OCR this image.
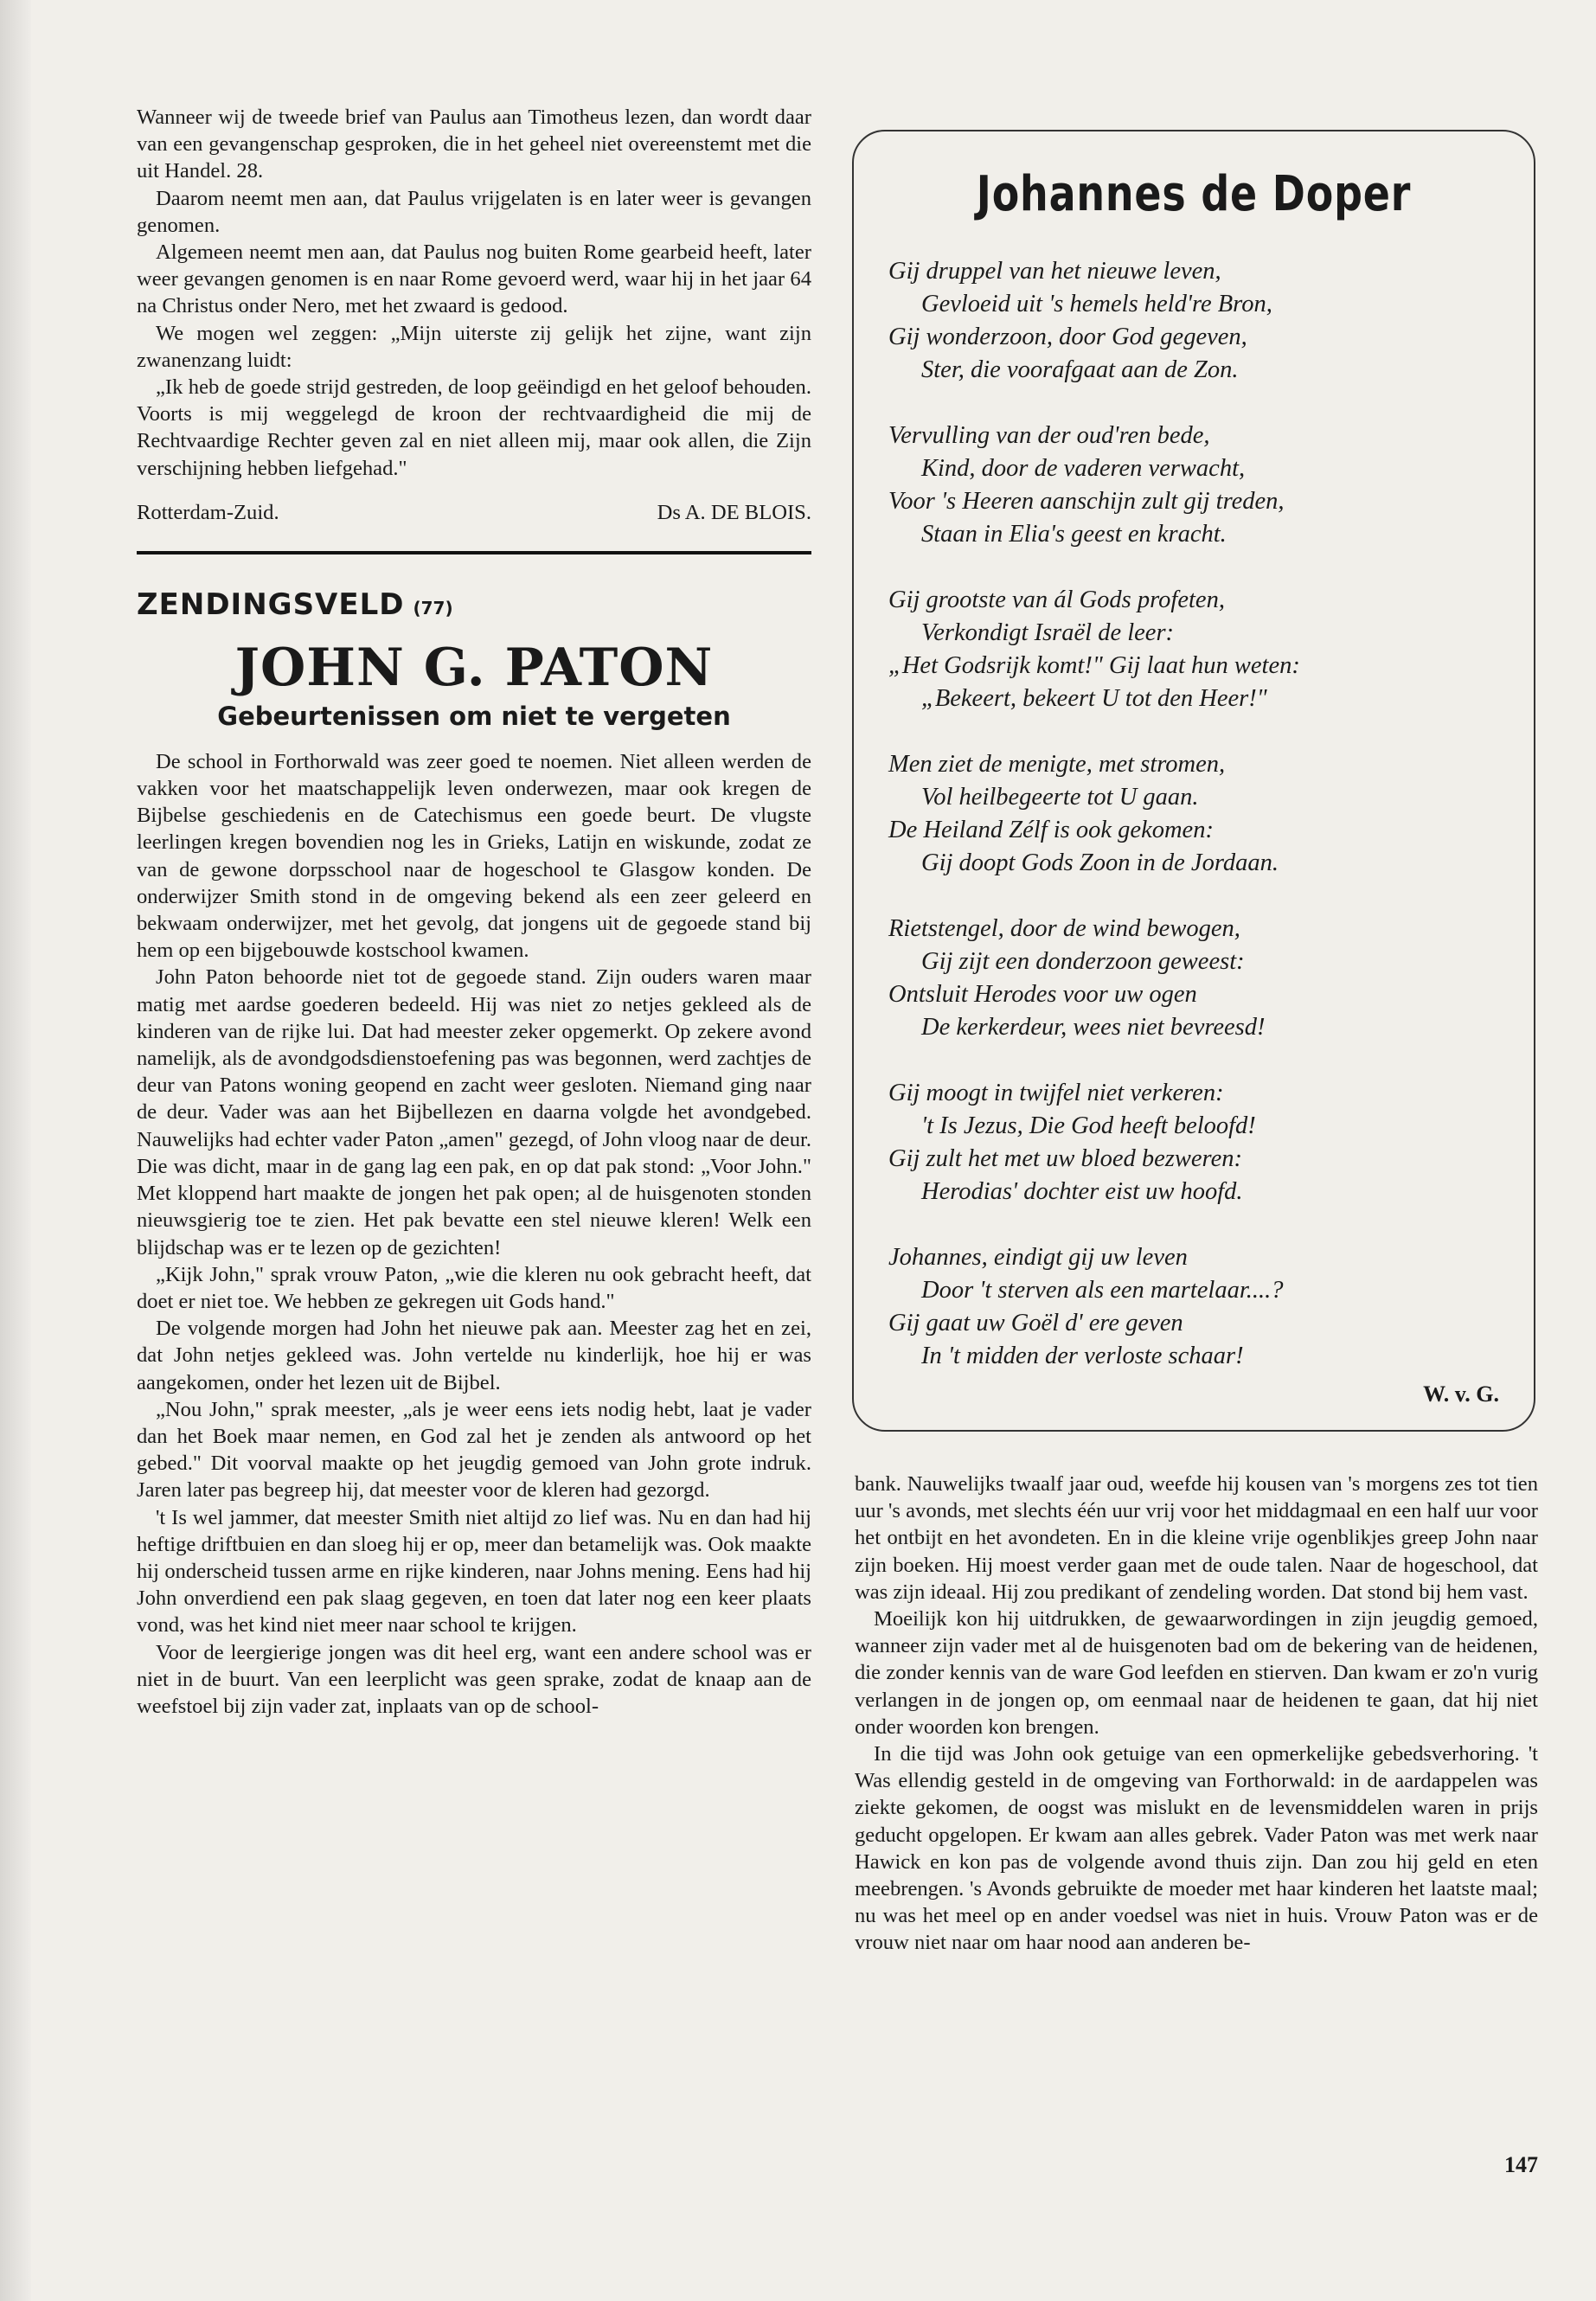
Wanneer wij de tweede brief van Paulus aan Timotheus lezen, dan wordt daar van een gevangenschap gesproken, die in het geheel niet overeenstemt met die uit Handel. 28.

Daarom neemt men aan, dat Paulus vrijgelaten is en later weer is gevangen genomen.

Algemeen neemt men aan, dat Paulus nog buiten Rome gearbeid heeft, later weer gevangen genomen is en naar Rome gevoerd werd, waar hij in het jaar 64 na Christus onder Nero, met het zwaard is gedood.

We mogen wel zeggen: „Mijn uiterste zij gelijk het zijne, want zijn zwanenzang luidt:

„Ik heb de goede strijd gestreden, de loop geëindigd en het geloof behouden. Voorts is mij weggelegd de kroon der rechtvaardigheid die mij de Rechtvaardige Rechter geven zal en niet alleen mij, maar ook allen, die Zijn verschijning hebben liefgehad."

Rotterdam-Zuid.	Ds A. DE BLOIS.
ZENDINGSVELD (77)
JOHN G. PATON
Gebeurtenissen om niet te vergeten

De school in Forthorwald was zeer goed te noemen. Niet alleen werden de vakken voor het maatschappelijk leven onderwezen, maar ook kregen de Bijbelse geschiedenis en de Catechismus een goede beurt. De vlugste leerlingen kregen bovendien nog les in Grieks, Latijn en wiskunde, zodat ze van de gewone dorpsschool naar de hogeschool te Glasgow konden. De onderwijzer Smith stond in de omgeving bekend als een zeer geleerd en bekwaam onderwijzer, met het gevolg, dat jongens uit de gegoede stand bij hem op een bijgebouwde kostschool kwamen.

John Paton behoorde niet tot de gegoede stand. Zijn ouders waren maar matig met aardse goederen bedeeld. Hij was niet zo netjes gekleed als de kinderen van de rijke lui. Dat had meester zeker opgemerkt. Op zekere avond namelijk, als de avondgodsdienstoefening pas was begonnen, werd zachtjes de deur van Patons woning geopend en zacht weer gesloten. Niemand ging naar de deur. Vader was aan het Bijbellezen en daarna volgde het avondgebed. Nauwelijks had echter vader Paton „amen" gezegd, of John vloog naar de deur. Die was dicht, maar in de gang lag een pak, en op dat pak stond: „Voor John." Met kloppend hart maakte de jongen het pak open; al de huisgenoten stonden nieuwsgierig toe te zien. Het pak bevatte een stel nieuwe kleren! Welk een blijdschap was er te lezen op de gezichten!

„Kijk John," sprak vrouw Paton, „wie die kleren nu ook gebracht heeft, dat doet er niet toe. We hebben ze gekregen uit Gods hand."

De volgende morgen had John het nieuwe pak aan. Meester zag het en zei, dat John netjes gekleed was. John vertelde nu kinderlijk, hoe hij er was aangekomen, onder het lezen uit de Bijbel.

„Nou John," sprak meester, „als je weer eens iets nodig hebt, laat je vader dan het Boek maar nemen, en God zal het je zenden als antwoord op het gebed." Dit voorval maakte op het jeugdig gemoed van John grote indruk. Jaren later pas begreep hij, dat meester voor de kleren had gezorgd.

't Is wel jammer, dat meester Smith niet altijd zo lief was. Nu en dan had hij heftige driftbuien en dan sloeg hij er op, meer dan betamelijk was. Ook maakte hij onderscheid tussen arme en rijke kinderen, naar Johns mening. Eens had hij John onverdiend een pak slaag gegeven, en toen dat later nog een keer plaats vond, was het kind niet meer naar school te krijgen.

Voor de leergierige jongen was dit heel erg, want een andere school was er niet in de buurt. Van een leerplicht was geen sprake, zodat de knaap aan de weefstoel bij zijn vader zat, inplaats van op de school-

Johannes de Doper
Gij druppel van het nieuwe leven,
Gevloeid uit 's hemels held're Bron,
Gij wonderzoon, door God gegeven,
Ster, die voorafgaat aan de Zon.
Vervulling van der oud'ren bede,
Kind, door de vaderen verwacht,
Voor 's Heeren aanschijn zult gij treden,
Staan in Elia's geest en kracht.
Gij grootste van ál Gods profeten,
Verkondigt Israël de leer:
„Het Godsrijk komt!" Gij laat hun weten:
„Bekeert, bekeert U tot den Heer!"
Men ziet de menigte, met stromen,
Vol heilbegeerte tot U gaan.
De Heiland Zélf is ook gekomen:
Gij doopt Gods Zoon in de Jordaan.
Rietstengel, door de wind bewogen,
Gij zijt een donderzoon geweest:
Ontsluit Herodes voor uw ogen
De kerkerdeur, wees niet bevreesd!
Gij moogt in twijfel niet verkeren:
't Is Jezus, Die God heeft beloofd!
Gij zult het met uw bloed bezweren:
Herodias' dochter eist uw hoofd.
Johannes, eindigt gij uw leven
Door 't sterven als een martelaar....?
Gij gaat uw Goël d' ere geven
In 't midden der verloste schaar!
W. v. G.

bank. Nauwelijks twaalf jaar oud, weefde hij kousen van 's morgens zes tot tien uur 's avonds, met slechts één uur vrij voor het middagmaal en een half uur voor het ontbijt en het avondeten. En in die kleine vrije ogenblikjes greep John naar zijn boeken. Hij moest verder gaan met de oude talen. Naar de hogeschool, dat was zijn ideaal. Hij zou predikant of zendeling worden. Dat stond bij hem vast.

Moeilijk kon hij uitdrukken, de gewaarwordingen in zijn jeugdig gemoed, wanneer zijn vader met al de huisgenoten bad om de bekering van de heidenen, die zonder kennis van de ware God leefden en stierven. Dan kwam er zo'n vurig verlangen in de jongen op, om eenmaal naar de heidenen te gaan, dat hij niet onder woorden kon brengen.

In die tijd was John ook getuige van een opmerkelijke gebedsverhoring. 't Was ellendig gesteld in de omgeving van Forthorwald: in de aardappelen was ziekte gekomen, de oogst was mislukt en de levensmiddelen waren in prijs geducht opgelopen. Er kwam aan alles gebrek. Vader Paton was met werk naar Hawick en kon pas de volgende avond thuis zijn. Dan zou hij geld en eten meebrengen. 's Avonds gebruikte de moeder met haar kinderen het laatste maal; nu was het meel op en ander voedsel was niet in huis. Vrouw Paton was er de vrouw niet naar om haar nood aan anderen be-

147
